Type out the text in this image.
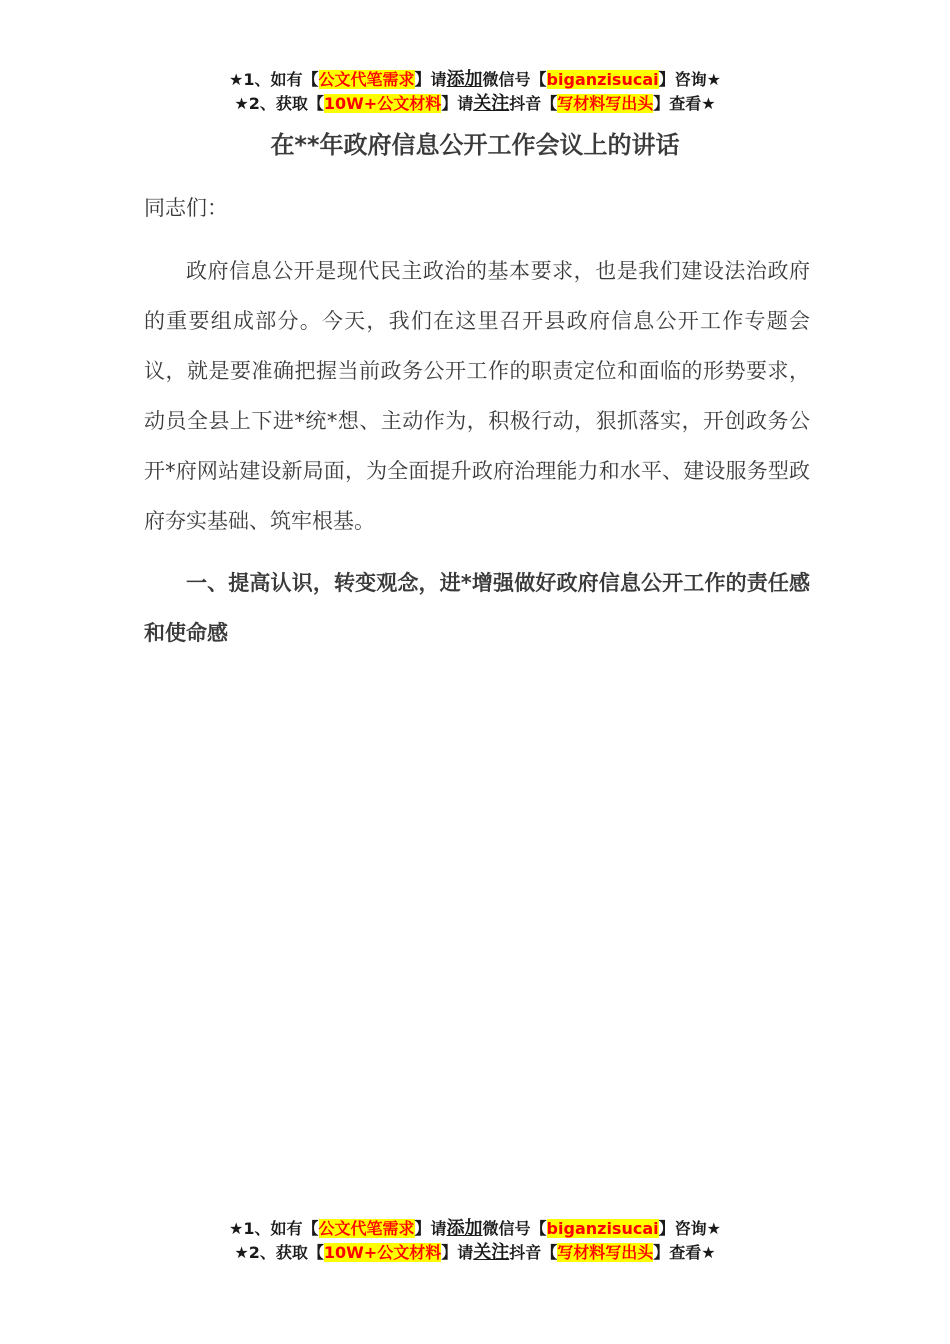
★1、如有【公文代笔需求】请添加微信号【biganzisucai】咨询★
★2、获取【10W+公文材料】请关注抖音【写材料写出头】查看★
在**年政府信息公开工作会议上的讲话
同志们：

政府信息公开是现代民主政治的基本要求，也是我们建设法治政府的重要组成部分。今天，我们在这里召开县政府信息公开工作专题会议，就是要准确把握当前政务公开工作的职责定位和面临的形势要求，动员全县上下进*统*想、主动作为，积极行动，狠抓落实，开创政务公开*府网站建设新局面，为全面提升政府治理能力和水平、建设服务型政府夯实基础、筑牢根基。

一、提高认识，转变观念，进*增强做好政府信息公开工作的责任感和使命感

★1、如有【公文代笔需求】请添加微信号【biganzisucai】咨询★
★2、获取【10W+公文材料】请关注抖音【写材料写出头】查看★
